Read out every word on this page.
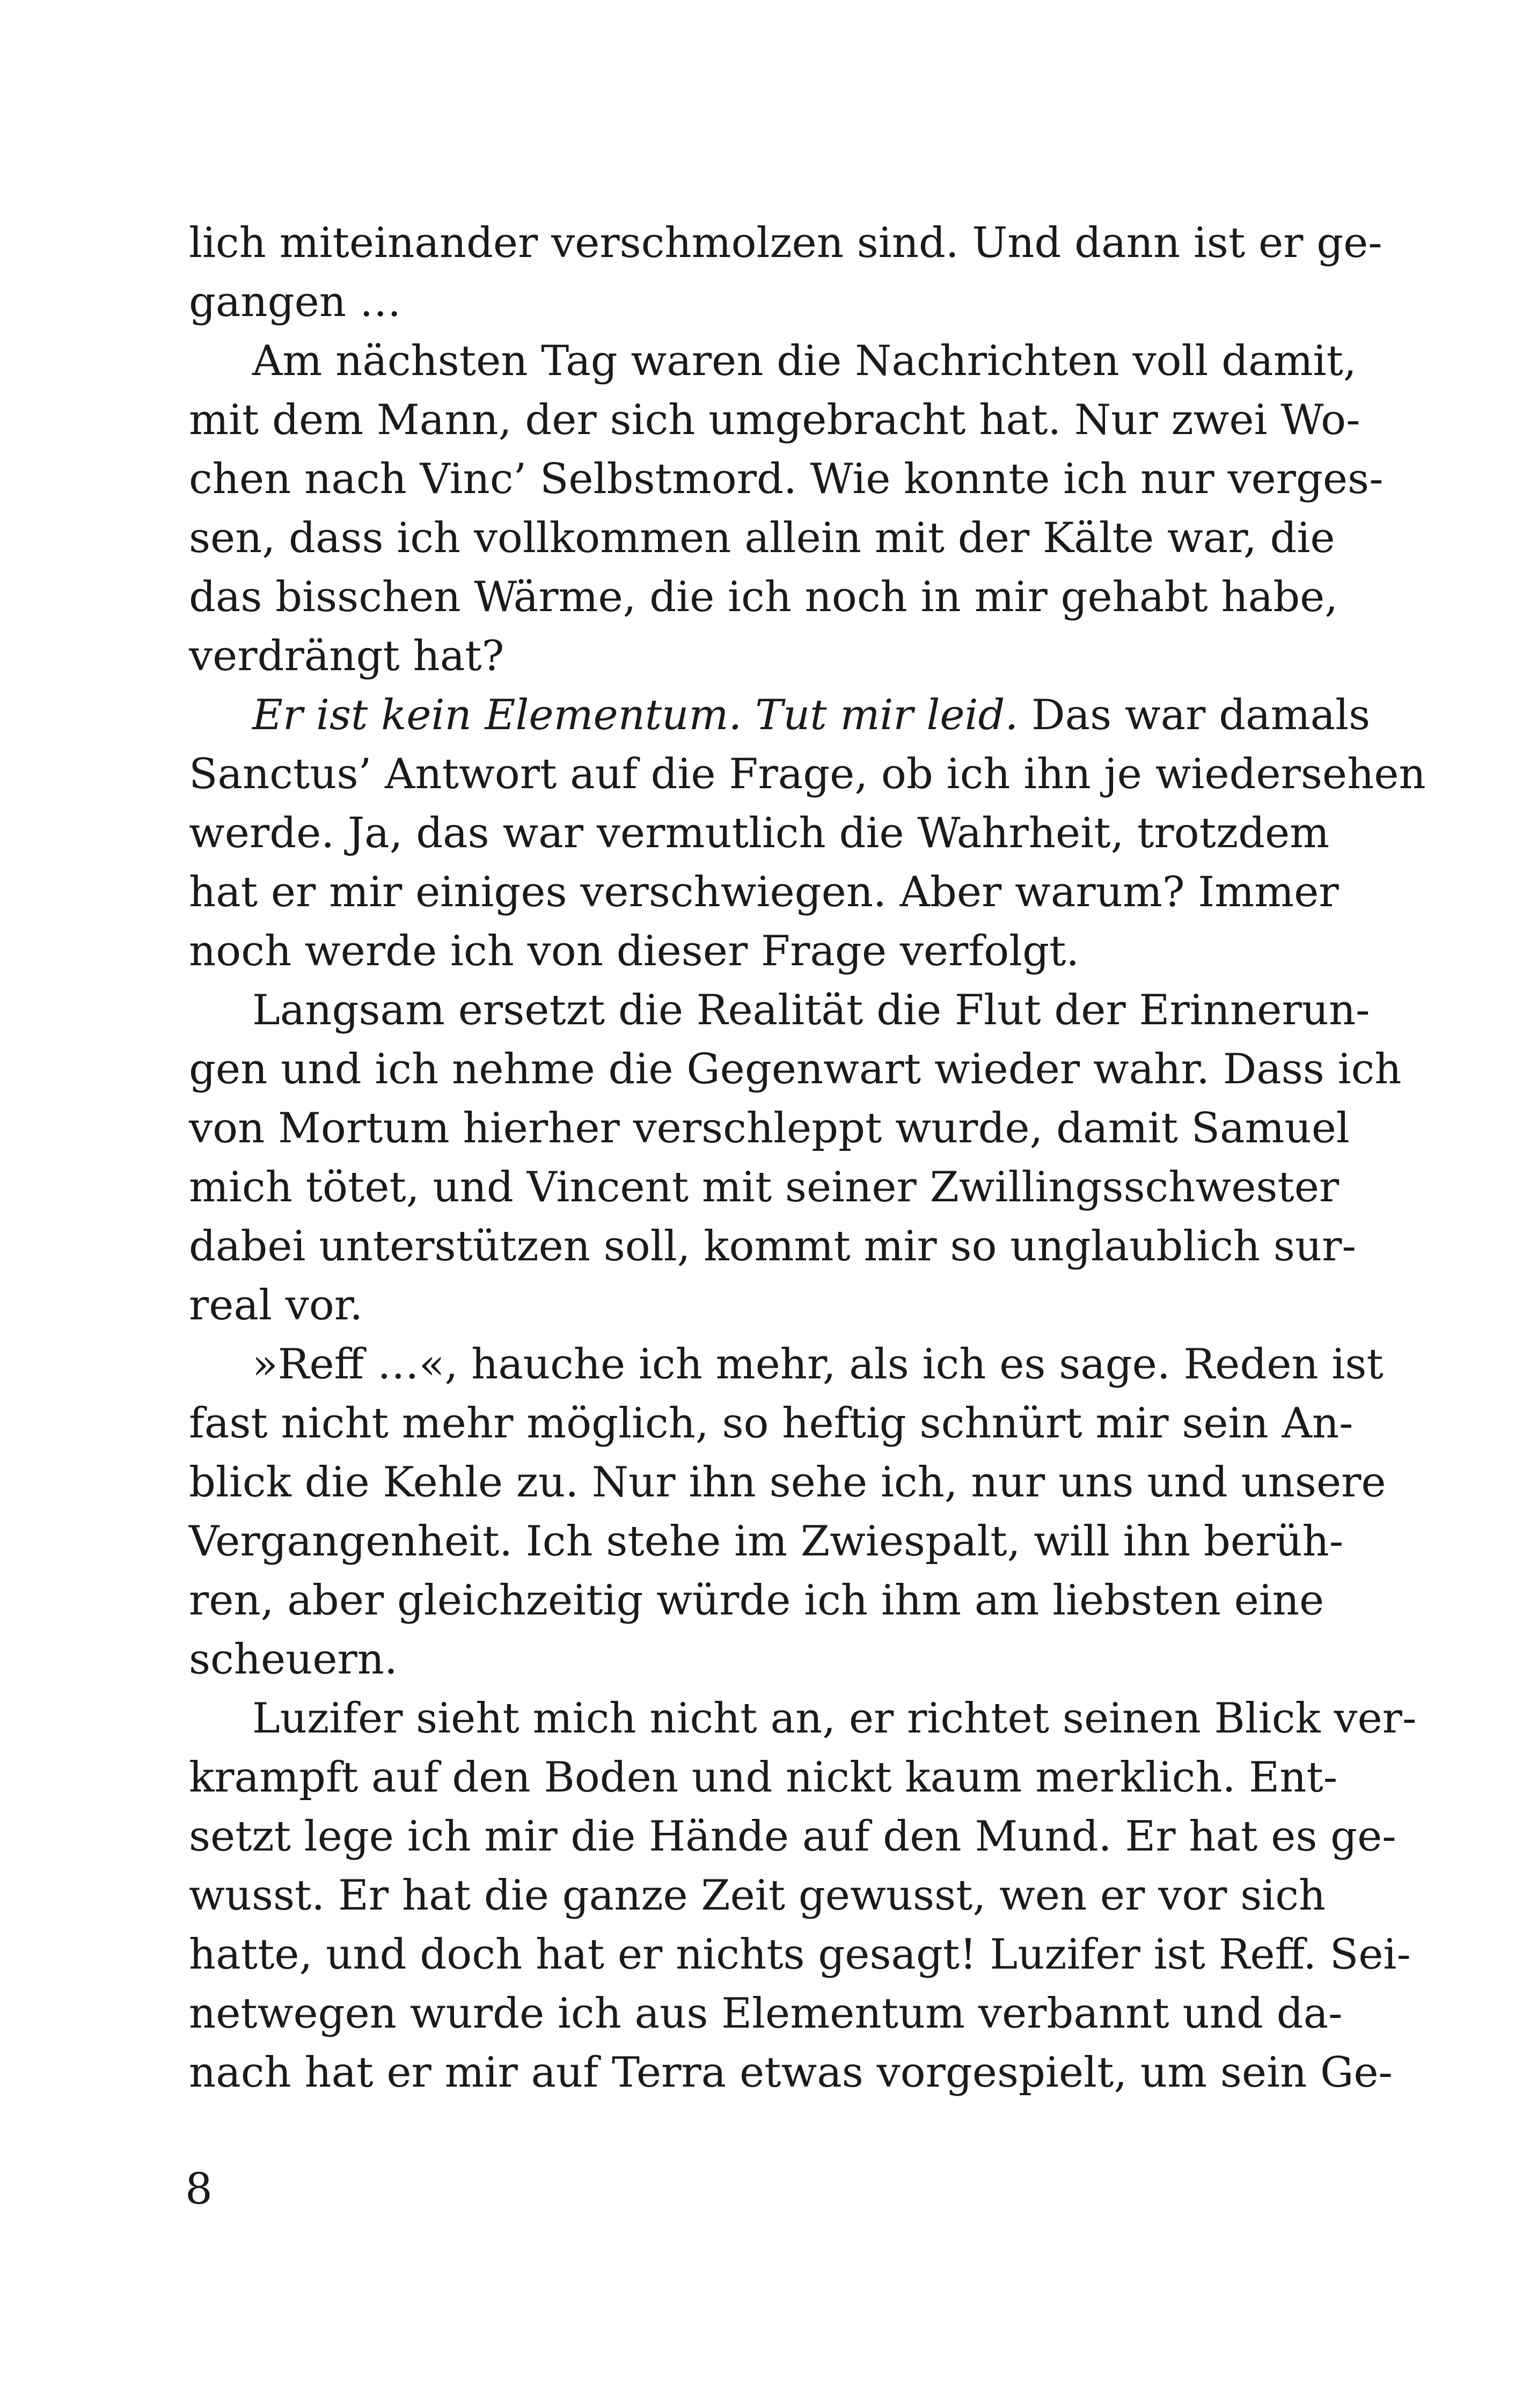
lich miteinander verschmolzen sind. Und dann ist er ge-
gangen …
Am nächsten Tag waren die Nachrichten voll damit,
mit dem Mann, der sich umgebracht hat. Nur zwei Wo-
chen nach Vinc’ Selbstmord. Wie konnte ich nur verges-
sen, dass ich vollkommen allein mit der Kälte war, die
das bisschen Wärme, die ich noch in mir gehabt habe,
verdrängt hat?
Er ist kein Elementum. Tut mir leid. Das war damals
Sanctus’ Antwort auf die Frage, ob ich ihn je wiedersehen
werde. Ja, das war vermutlich die Wahrheit, trotzdem
hat er mir einiges verschwiegen. Aber warum? Immer
noch werde ich von dieser Frage verfolgt.
Langsam ersetzt die Realität die Flut der Erinnerun-
gen und ich nehme die Gegenwart wieder wahr. Dass ich
von Mortum hierher verschleppt wurde, damit Samuel
mich tötet, und Vincent mit seiner Zwillingsschwester
dabei unterstützen soll, kommt mir so unglaublich sur-
real vor.
»Reff …«, hauche ich mehr, als ich es sage. Reden ist
fast nicht mehr möglich, so heftig schnürt mir sein An-
blick die Kehle zu. Nur ihn sehe ich, nur uns und unsere
Vergangenheit. Ich stehe im Zwiespalt, will ihn berüh-
ren, aber gleichzeitig würde ich ihm am liebsten eine
scheuern.
Luzifer sieht mich nicht an, er richtet seinen Blick ver-
krampft auf den Boden und nickt kaum merklich. Ent-
setzt lege ich mir die Hände auf den Mund. Er hat es ge-
wusst. Er hat die ganze Zeit gewusst, wen er vor sich
hatte, und doch hat er nichts gesagt! Luzifer ist Reff. Sei-
netwegen wurde ich aus Elementum verbannt und da-
nach hat er mir auf Terra etwas vorgespielt, um sein Ge-
8
